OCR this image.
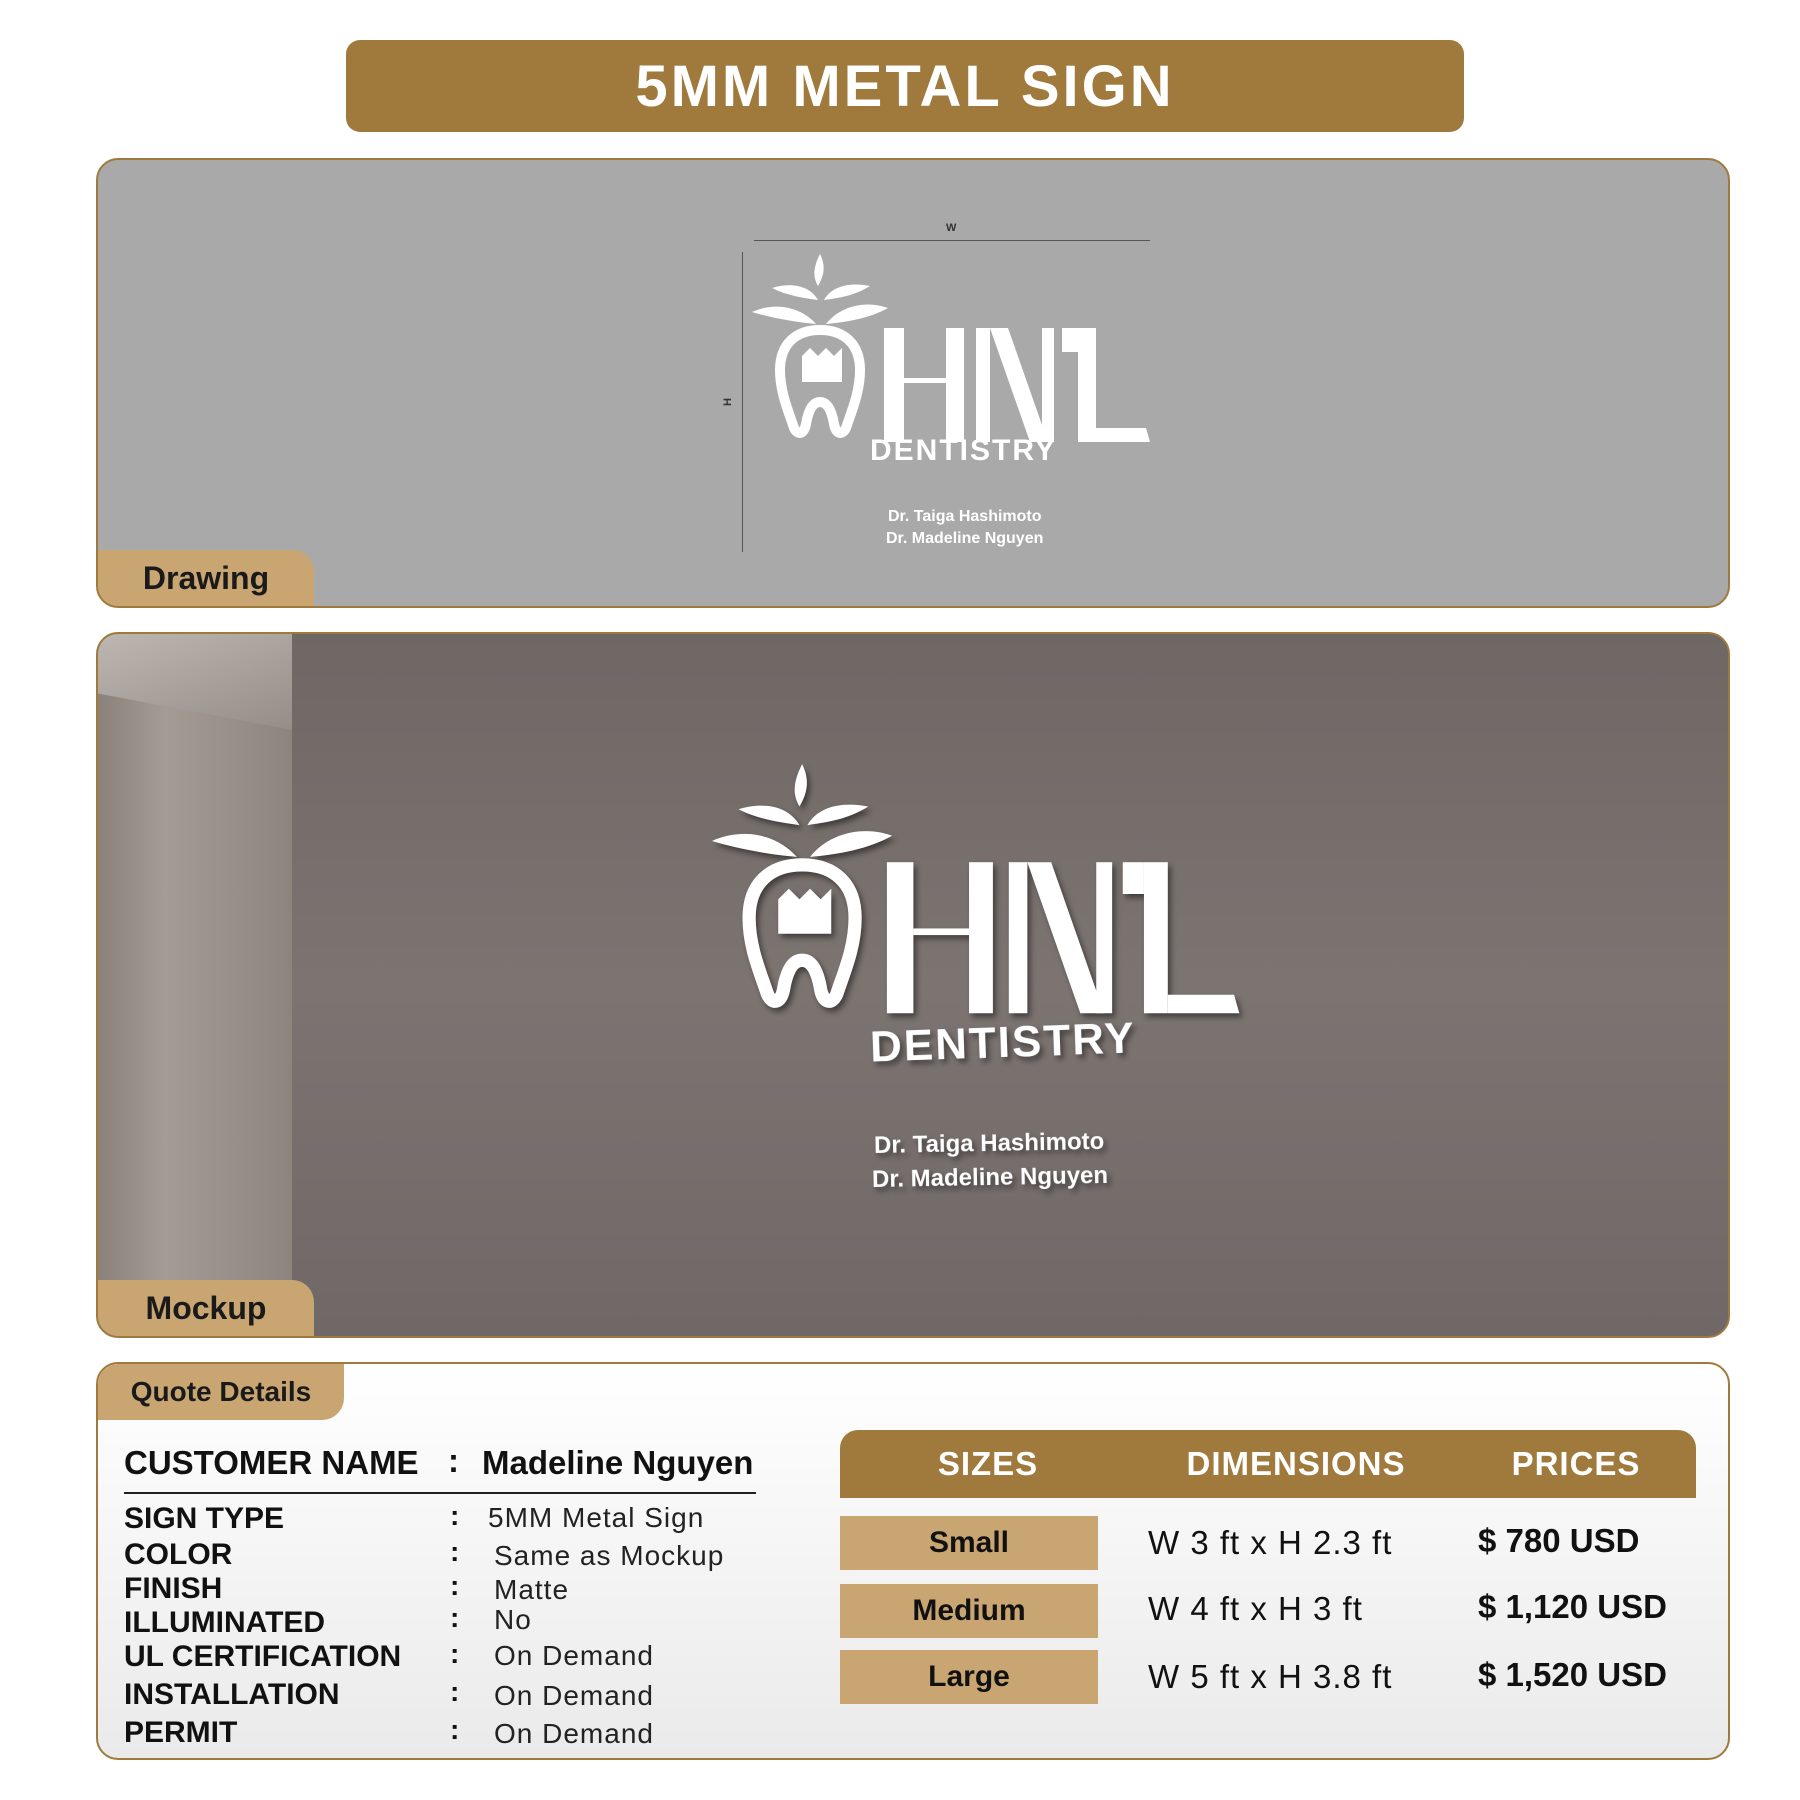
5MM METAL SIGN
W
H
DENTISTRY
Dr. Taiga Hashimoto
Dr. Madeline Nguyen
Drawing
DENTISTRY
Dr. Taiga Hashimoto
Dr. Madeline Nguyen
Mockup
Quote Details
CUSTOMER NAME : Madeline Nguyen
SIGN TYPE	: 5MM Metal Sign
COLOR	: Same as Mockup
FINISH	: Matte
ILLUMINATED	: No
UL CERTIFICATION : On Demand
INSTALLATION	: On Demand
PERMIT	: On Demand
SIZES	DIMENSIONS	PRICES
Small	W 3 ft x H 2.3 ft	$ 780 USD
Medium	W 4 ft x H 3 ft	$ 1,120 USD
Large	W 5 ft x H 3.8 ft	$ 1,520 USD
